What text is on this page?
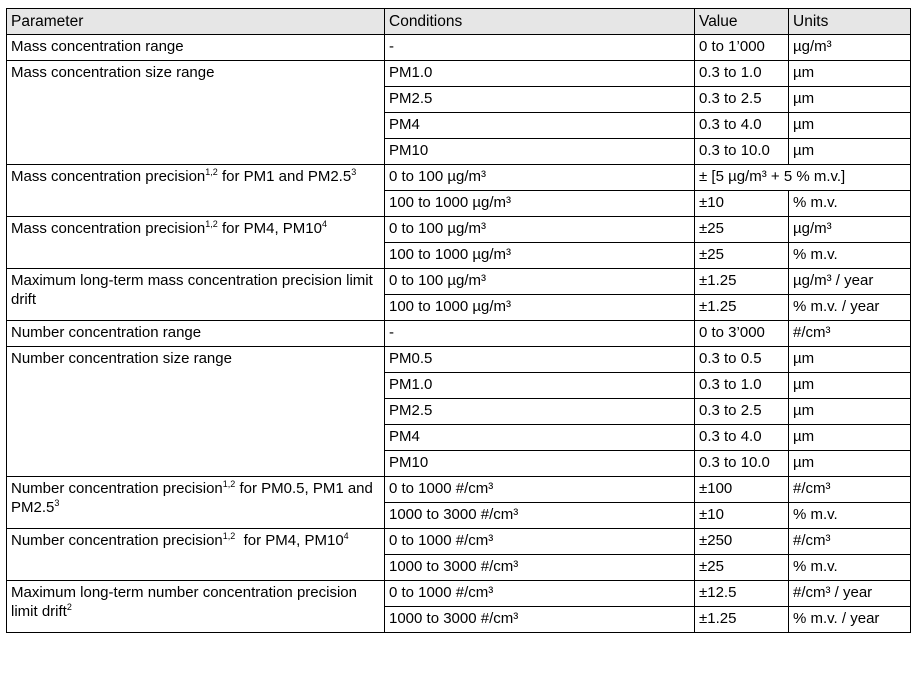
Parameter	Conditions	Value	Units
Mass concentration range	-	0 to 1’000	µg/m³
Mass concentration size range	PM1.0	0.3 to 1.0	µm
	PM2.5	0.3 to 2.5	µm
	PM4	0.3 to 4.0	µm
	PM10	0.3 to 10.0	µm
Mass concentration precision$^{1,2}$ for PM1 and $PM2.5^3$	0 to 100 µg/m³	± [5 µg/m³ + 5 % m.v.]	
	100 to 1000 µg/m³	±10	% m.v.
Mass concentration precision$^{1,2}$ for PM4, $PM10^4$	0 to 100 µg/m³	±25	µg/m³
	100 to 1000 µg/m³	±25	% m.v.
Maximum long-term mass concentration precision limit drift	0 to 100 µg/m³	±1.25	µg/m³ / year
	100 to 1000 µg/m³	±1.25	% m.v. / year
Number concentration range	-	0 to 3’000	#/cm³
Number concentration size range	PM0.5	0.3 to 0.5	µm
	PM1.0	0.3 to 1.0	µm
	PM2.5	0.3 to 2.5	µm
	PM4	0.3 to 4.0	µm
	PM10	0.3 to 10.0	µm
Number concentration precision$^{1,2}$ for PM0.5, PM1 and $PM2.5^3$	0 to 1000 #/cm³	±100	#/cm³
	1000 to 3000 #/cm³	±10	% m.v.
Number concentration precision$^{1,2}$  for PM4, $PM10^4$	0 to 1000 #/cm³	±250	#/cm³
	1000 to 3000 #/cm³	±25	% m.v.
Maximum long-term number concentration precision limit drift$^2$	0 to 1000 #/cm³	±12.5	#/cm³ / year
	1000 to 3000 #/cm³	±1.25	% m.v. / year
